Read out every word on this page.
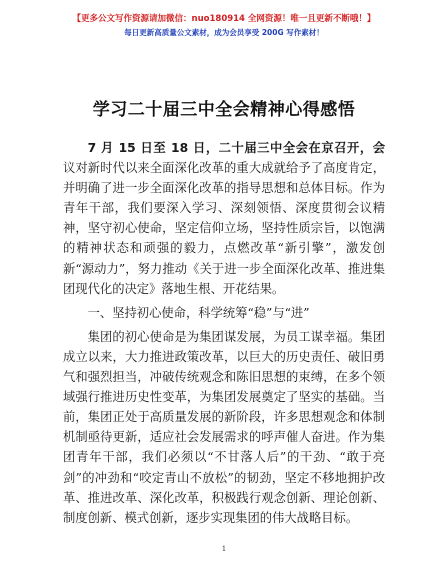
【更多公文写作资源请加微信：nuo180914 全网资源！唯一且更新不断哦！】
每日更新高质量公文素材，成为会员享受 200G 写作素材！
学习二十届三中全会精神心得感悟

7 月 15 日至 18 日，二十届三中全会在京召开，会议对新时代以来全面深化改革的重大成就给予了高度肯定，并明确了进一步全面深化改革的指导思想和总体目标。作为青年干部，我们要深入学习、深刻领悟、深度贯彻会议精神，坚守初心使命，坚定信仰立场，坚持性质宗旨，以饱满的精神状态和顽强的毅力，点燃改革“新引擎”，激发创新“源动力”，努力推动《关于进一步全面深化改革、推进集团现代化的决定》落地生根、开花结果。

一、坚持初心使命，科学统筹“稳”与“进”

集团的初心使命是为集团谋发展，为员工谋幸福。集团成立以来，大力推进政策改革，以巨大的历史责任、破旧勇气和强烈担当，冲破传统观念和陈旧思想的束缚，在多个领域强行推进历史性变革，为集团发展奠定了坚实的基础。当前，集团正处于高质量发展的新阶段，许多思想观念和体制机制亟待更新，适应社会发展需求的呼声催人奋进。作为集团青年干部，我们必须以“不甘落人后”的干劲、“敢于亮剑”的冲劲和“咬定青山不放松”的韧劲，坚定不移地拥护改革、推进改革、深化改革，积极践行观念创新、理论创新、制度创新、模式创新，逐步实现集团的伟大战略目标。

1
